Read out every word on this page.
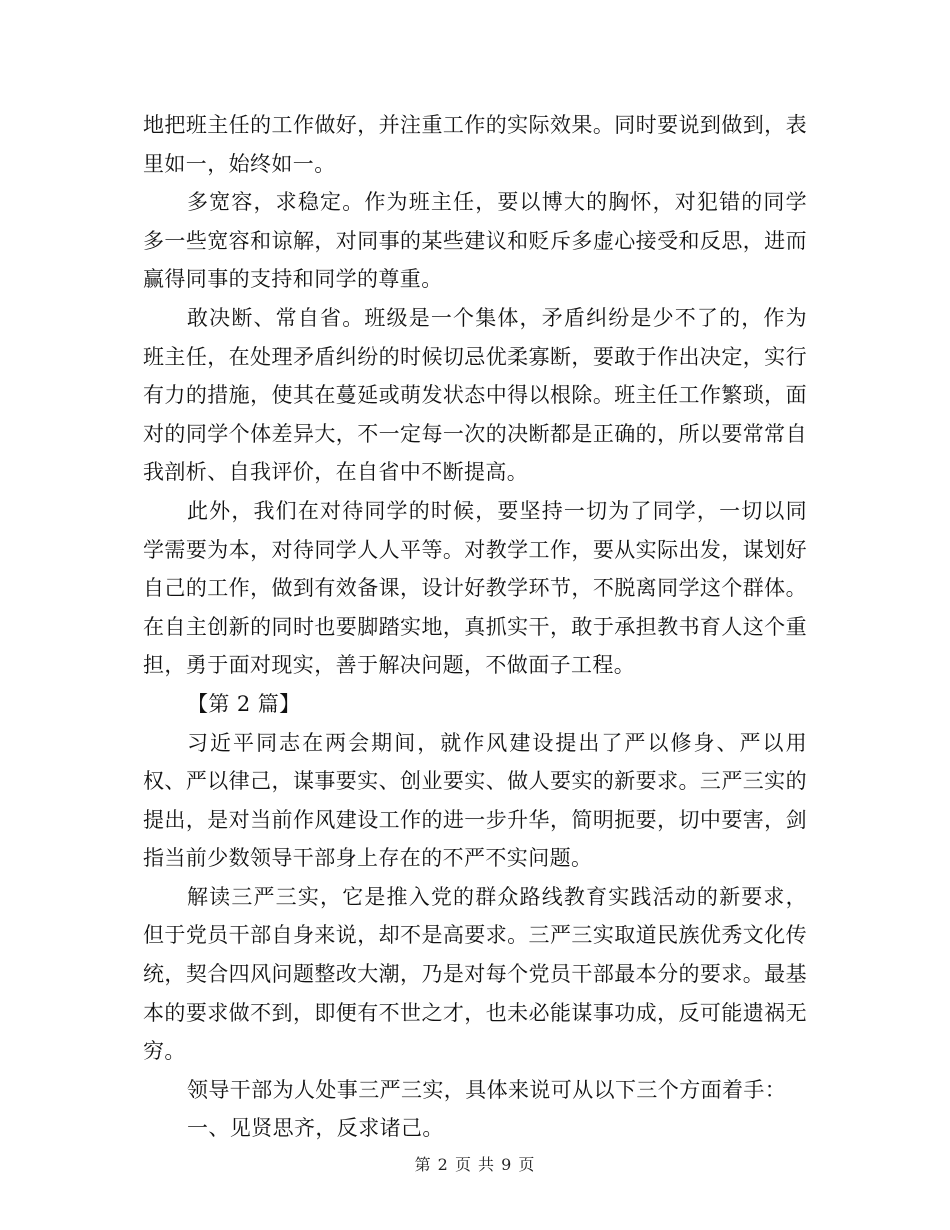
地把班主任的工作做好，并注重工作的实际效果。同时要说到做到，表里如一，始终如一。

多宽容，求稳定。作为班主任，要以博大的胸怀，对犯错的同学多一些宽容和谅解，对同事的某些建议和贬斥多虚心接受和反思，进而赢得同事的支持和同学的尊重。

敢决断、常自省。班级是一个集体，矛盾纠纷是少不了的，作为班主任，在处理矛盾纠纷的时候切忌优柔寡断，要敢于作出决定，实行有力的措施，使其在蔓延或萌发状态中得以根除。班主任工作繁琐，面对的同学个体差异大，不一定每一次的决断都是正确的，所以要常常自我剖析、自我评价，在自省中不断提高。

此外，我们在对待同学的时候，要坚持一切为了同学，一切以同学需要为本，对待同学人人平等。对教学工作，要从实际出发，谋划好自己的工作，做到有效备课，设计好教学环节，不脱离同学这个群体。在自主创新的同时也要脚踏实地，真抓实干，敢于承担教书育人这个重担，勇于面对现实，善于解决问题，不做面子工程。

【第 2 篇】

习近平同志在两会期间，就作风建设提出了严以修身、严以用权、严以律己，谋事要实、创业要实、做人要实的新要求。三严三实的提出，是对当前作风建设工作的进一步升华，简明扼要，切中要害，剑指当前少数领导干部身上存在的不严不实问题。

解读三严三实，它是推入党的群众路线教育实践活动的新要求，但于党员干部自身来说，却不是高要求。三严三实取道民族优秀文化传统，契合四风问题整改大潮，乃是对每个党员干部最本分的要求。最基本的要求做不到，即便有不世之才，也未必能谋事功成，反可能遗祸无穷。

领导干部为人处事三严三实，具体来说可从以下三个方面着手：

一、见贤思齐，反求诸己。

第 2 页 共 9 页
